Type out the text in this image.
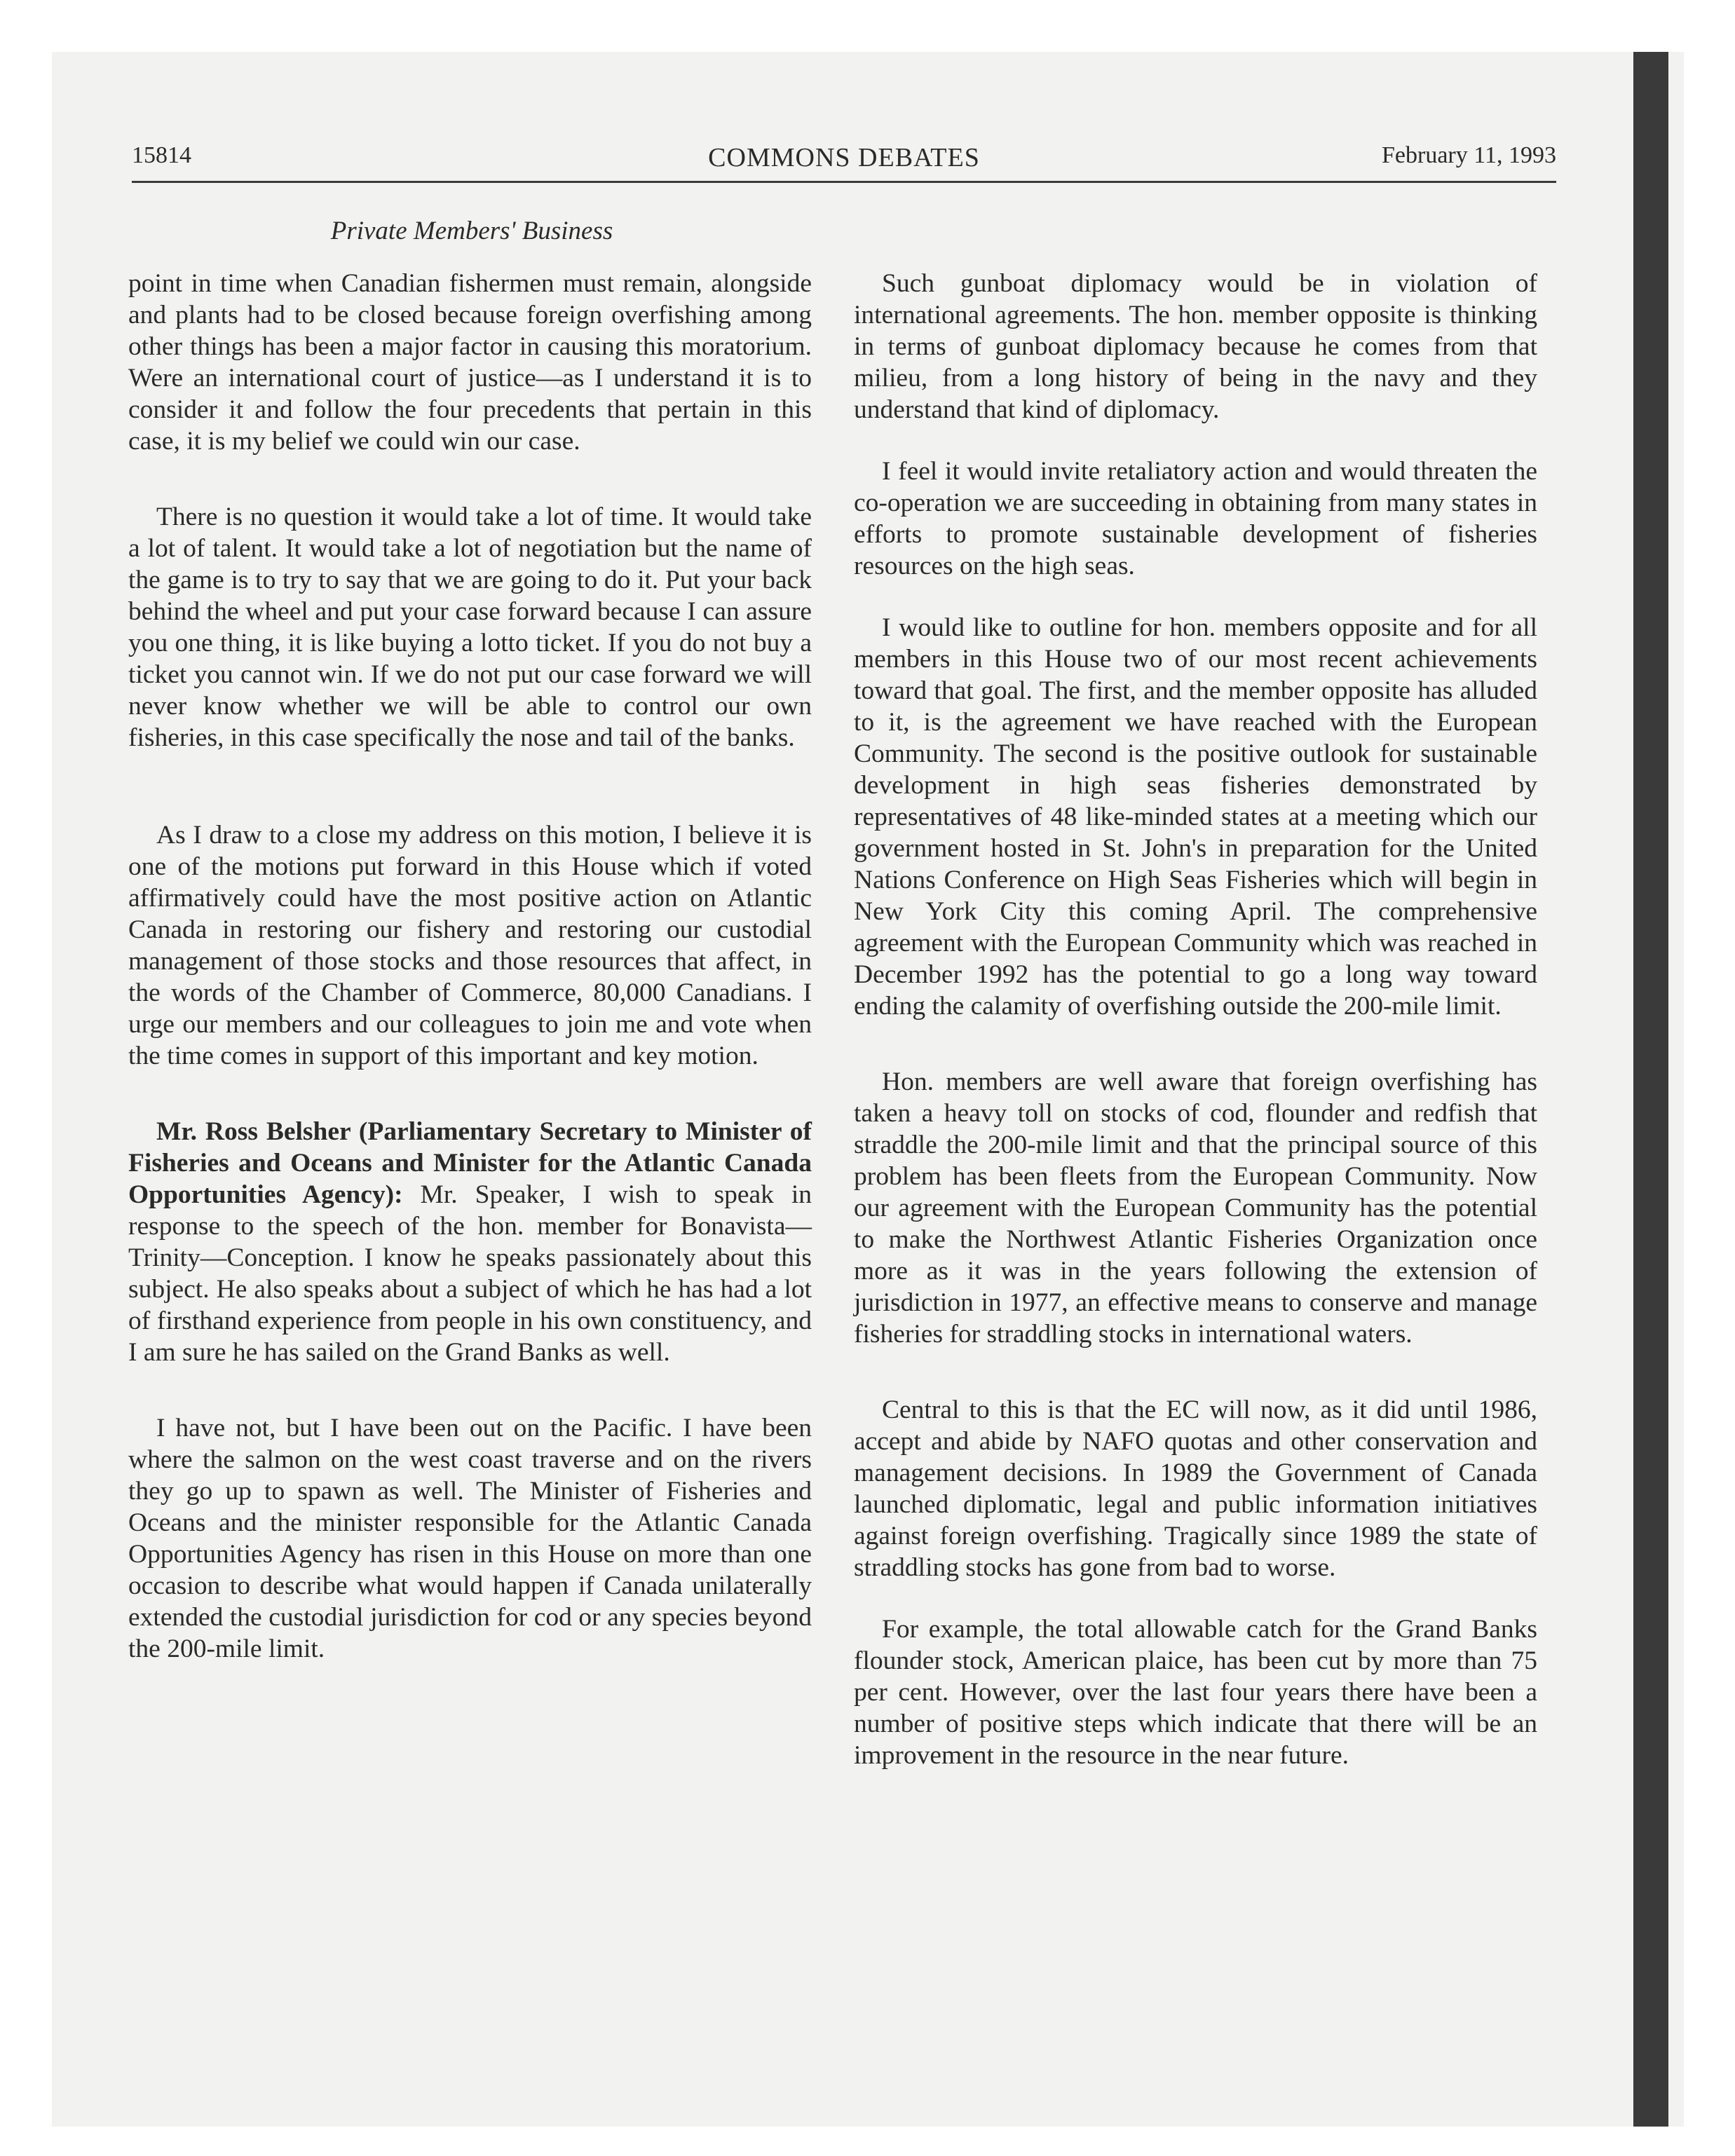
15814	COMMONS DEBATES	February 11, 1993
Private Members' Business

point in time when Canadian fishermen must remain, alongside and plants had to be closed because foreign overfishing among other things has been a major factor in causing this moratorium. Were an international court of justice—as I understand it is to consider it and follow the four precedents that pertain in this case, it is my belief we could win our case.

There is no question it would take a lot of time. It would take a lot of talent. It would take a lot of negotiation but the name of the game is to try to say that we are going to do it. Put your back behind the wheel and put your case forward because I can assure you one thing, it is like buying a lotto ticket. If you do not buy a ticket you cannot win. If we do not put our case forward we will never know whether we will be able to control our own fisheries, in this case specifically the nose and tail of the banks.

As I draw to a close my address on this motion, I believe it is one of the motions put forward in this House which if voted affirmatively could have the most positive action on Atlantic Canada in restoring our fishery and restoring our custodial management of those stocks and those resources that affect, in the words of the Chamber of Commerce, 80,000 Canadians. I urge our members and our colleagues to join me and vote when the time comes in support of this important and key motion.

Mr. Ross Belsher (Parliamentary Secretary to Minister of Fisheries and Oceans and Minister for the Atlantic Canada Opportunities Agency): Mr. Speaker, I wish to speak in response to the speech of the hon. member for Bonavista—Trinity—Conception. I know he speaks passionately about this subject. He also speaks about a subject of which he has had a lot of firsthand experience from people in his own constituency, and I am sure he has sailed on the Grand Banks as well.

I have not, but I have been out on the Pacific. I have been where the salmon on the west coast traverse and on the rivers they go up to spawn as well. The Minister of Fisheries and Oceans and the minister responsible for the Atlantic Canada Opportunities Agency has risen in this House on more than one occasion to describe what would happen if Canada unilaterally extended the custodial jurisdiction for cod or any species beyond the 200-mile limit.

Such gunboat diplomacy would be in violation of international agreements. The hon. member opposite is thinking in terms of gunboat diplomacy because he comes from that milieu, from a long history of being in the navy and they understand that kind of diplomacy.

I feel it would invite retaliatory action and would threaten the co-operation we are succeeding in obtaining from many states in efforts to promote sustainable development of fisheries resources on the high seas.

I would like to outline for hon. members opposite and for all members in this House two of our most recent achievements toward that goal. The first, and the member opposite has alluded to it, is the agreement we have reached with the European Community. The second is the positive outlook for sustainable development in high seas fisheries demonstrated by representatives of 48 like-minded states at a meeting which our government hosted in St. John's in preparation for the United Nations Conference on High Seas Fisheries which will begin in New York City this coming April. The comprehensive agreement with the European Community which was reached in December 1992 has the potential to go a long way toward ending the calamity of overfishing outside the 200-mile limit.

Hon. members are well aware that foreign overfishing has taken a heavy toll on stocks of cod, flounder and redfish that straddle the 200-mile limit and that the principal source of this problem has been fleets from the European Community. Now our agreement with the European Community has the potential to make the Northwest Atlantic Fisheries Organization once more as it was in the years following the extension of jurisdiction in 1977, an effective means to conserve and manage fisheries for straddling stocks in international waters.

Central to this is that the EC will now, as it did until 1986, accept and abide by NAFO quotas and other conservation and management decisions. In 1989 the Government of Canada launched diplomatic, legal and public information initiatives against foreign overfishing. Tragically since 1989 the state of straddling stocks has gone from bad to worse.

For example, the total allowable catch for the Grand Banks flounder stock, American plaice, has been cut by more than 75 per cent. However, over the last four years there have been a number of positive steps which indicate that there will be an improvement in the resource in the near future.
